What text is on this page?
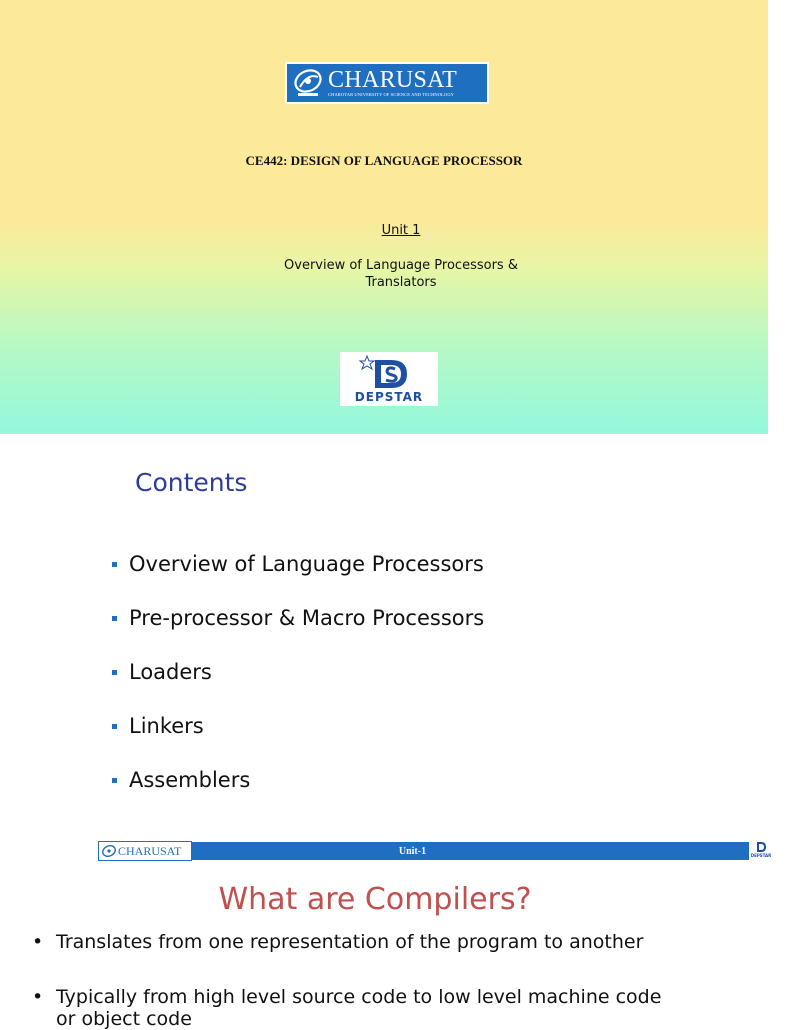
CHARUSAT
CHAROTAR UNIVERSITY OF SCIENCE AND TECHNOLOGY
CE442: DESIGN OF LANGUAGE PROCESSOR
Unit 1
Overview of Language Processors & Translators
DEPSTAR
Contents
Overview of Language Processors
Pre-processor & Macro Processors
Loaders
Linkers
Assemblers
CHARUSAT	Unit-1	DEPSTAR
What are Compilers?
• Translates from one representation of the program to another
• Typically from high level source code to low level machine code or object code
